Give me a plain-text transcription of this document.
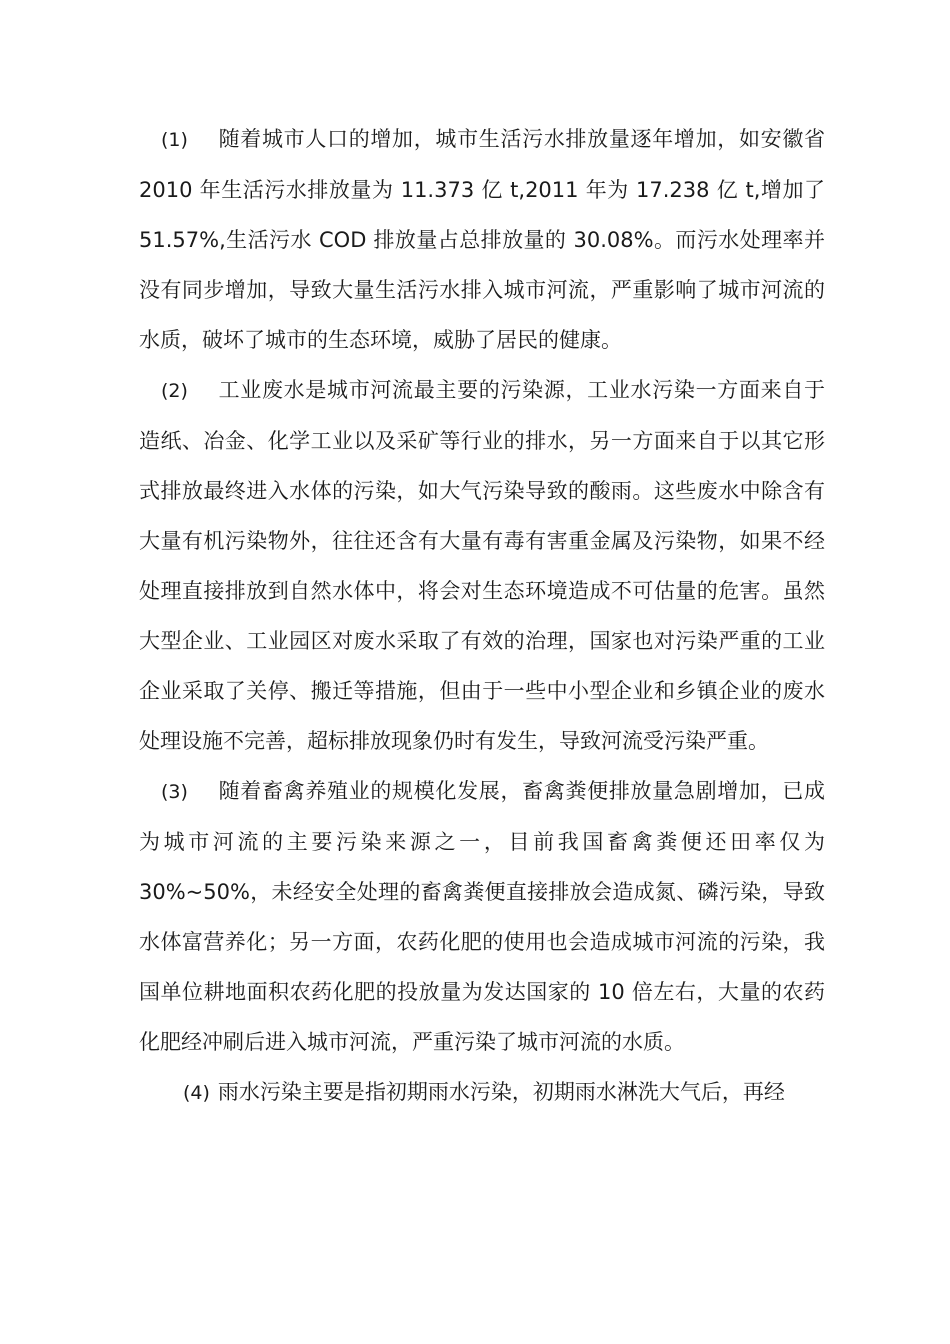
(1) 随着城市人口的增加，城市生活污水排放量逐年增加，如安徽省 2010 年生活污水排放量为 11.373 亿 t,2011 年为 17.238 亿 t,增加了 51.57%,生活污水 COD 排放量占总排放量的 30.08%。而污水处理率并没有同步增加，导致大量生活污水排入城市河流，严重影响了城市河流的水质，破坏了城市的生态环境，威胁了居民的健康。

(2) 工业废水是城市河流最主要的污染源，工业水污染一方面来自于造纸、冶金、化学工业以及采矿等行业的排水，另一方面来自于以其它形式排放最终进入水体的污染，如大气污染导致的酸雨。这些废水中除含有大量有机污染物外，往往还含有大量有毒有害重金属及污染物，如果不经处理直接排放到自然水体中，将会对生态环境造成不可估量的危害。虽然大型企业、工业园区对废水采取了有效的治理，国家也对污染严重的工业企业采取了关停、搬迁等措施，但由于一些中小型企业和乡镇企业的废水处理设施不完善，超标排放现象仍时有发生，导致河流受污染严重。

(3) 随着畜禽养殖业的规模化发展，畜禽粪便排放量急剧增加，已成为城市河流的主要污染来源之一，目前我国畜禽粪便还田率仅为 30%~50%，未经安全处理的畜禽粪便直接排放会造成氮、磷污染，导致水体富营养化；另一方面，农药化肥的使用也会造成城市河流的污染，我国单位耕地面积农药化肥的投放量为发达国家的 10 倍左右，大量的农药化肥经冲刷后进入城市河流，严重污染了城市河流的水质。

(4) 雨水污染主要是指初期雨水污染，初期雨水淋洗大气后，再经
